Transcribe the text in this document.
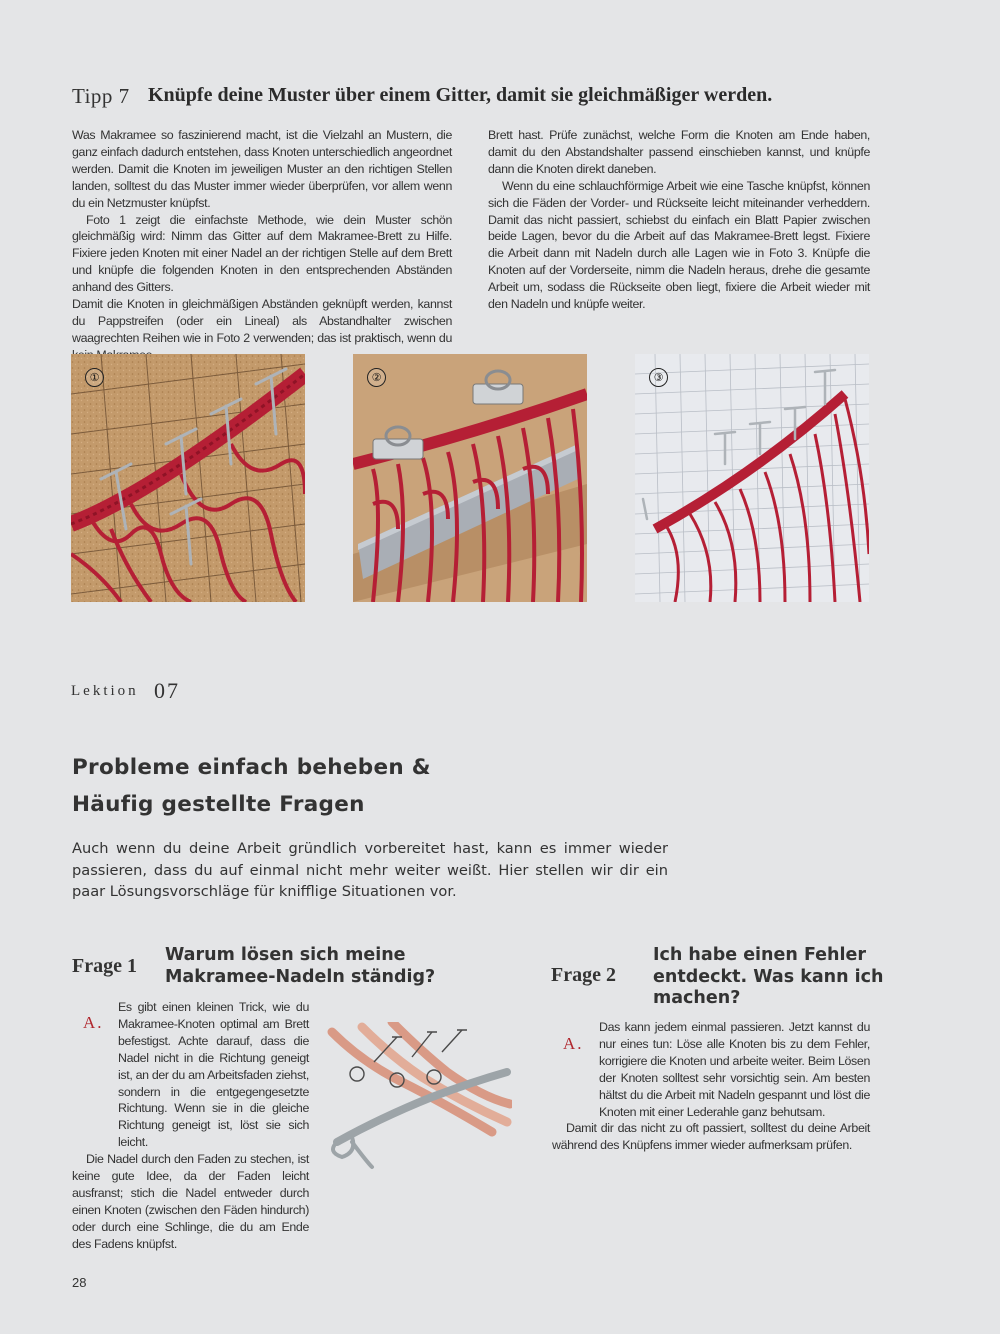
Tipp 7 Knüpfe deine Muster über einem Gitter, damit sie gleichmäßiger werden.

Was Makramee so faszinierend macht, ist die Vielzahl an Mustern, die ganz einfach dadurch entstehen, dass Knoten unterschiedlich angeordnet werden. Damit die Knoten im jeweiligen Muster an den richtigen Stellen landen, solltest du das Muster immer wieder überprüfen, vor allem wenn du ein Netzmuster knüpfst.

Foto 1 zeigt die einfachste Methode, wie dein Muster schön gleichmäßig wird: Nimm das Gitter auf dem Makramee-Brett zu Hilfe. Fixiere jeden Knoten mit einer Nadel an der richtigen Stelle auf dem Brett und knüpfe die folgenden Knoten in den entsprechenden Abständen anhand des Gitters.

Damit die Knoten in gleichmäßigen Abständen geknüpft werden, kannst du Pappstreifen (oder ein Lineal) als Abstandhalter zwischen waagrechten Reihen wie in Foto 2 verwenden; das ist praktisch, wenn du

Brett hast. Prüfe zunächst, welche Form die Knoten am Ende haben, damit du den Abstandshalter passend einschieben kannst, und knüpfe dann die Knoten direkt daneben.

Wenn du eine schlauchförmige Arbeit wie eine Tasche knüpfst, können sich die Fäden der Vorder- und Rückseite leicht miteinander verheddern. Damit das nicht passiert, schiebst du einfach ein Blatt Papier zwischen beide Lagen, bevor du die Arbeit auf das Makramee-Brett legst. Fixiere die Arbeit dann mit Nadeln durch alle Lagen wie in Foto 3. Knüpfe die Knoten auf der Vorderseite, nimm die Nadeln heraus, drehe die gesamte Arbeit um, sodass die Rückseite oben liegt, fixiere die Arbeit wieder mit den Nadeln und knüpfe weiter.

①	②	③
Lektion 07
Probleme einfach beheben &
Häufig gestellte Fragen
Auch wenn du deine Arbeit gründlich vorbereitet hast, kann es immer wieder passieren, dass du auf einmal nicht mehr weiter weißt. Hier stellen wir dir ein paar Lösungsvorschläge für knifflige Situationen vor.
Frage 1 Warum lösen sich meine
Makramee-Nadeln ständig?
A.

Es gibt einen kleinen Trick, wie du Makramee-Knoten optimal am Brett befestigst. Achte darauf, dass die Nadel nicht in die Richtung geneigt ist, an der du am Arbeitsfaden ziehst, sondern in die entgegengesetzte Richtung. Wenn sie in die gleiche Richtung geneigt ist, löst sie sich leicht.

Die Nadel durch den Faden zu stechen, ist keine gute Idee, da der Faden leicht ausfranst; stich die Nadel entweder durch einen Knoten (zwischen den Fäden hindurch) oder durch eine Schlinge, die du am Ende des Fadens knüpfst.

Frage 2
Ich habe einen Fehler
entdeckt. Was kann ich
machen?
A.

Das kann jedem einmal passieren. Jetzt kannst du nur eines tun: Löse alle Knoten bis zu dem Fehler, korrigiere die Knoten und arbeite weiter. Beim Lösen der Knoten solltest sehr vorsichtig sein. Am besten hältst du die Arbeit mit Nadeln gespannt und löst die Knoten mit einer Lederahle ganz behutsam.

Damit dir das nicht zu oft passiert, solltest du deine Arbeit während des Knüpfens immer wieder aufmerksam prüfen.

28
